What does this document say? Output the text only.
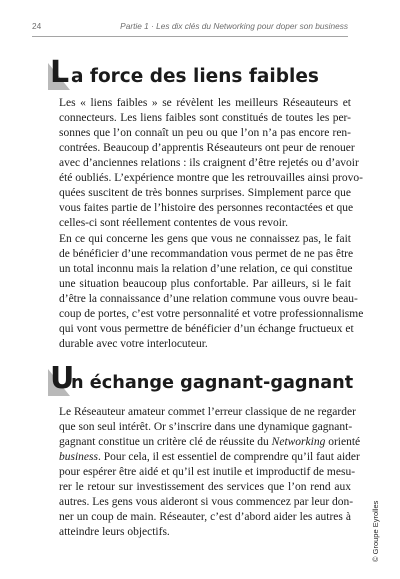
24	Partie 1 · Les dix clés du Networking pour doper son business
L a force des liens faibles
Les « liens faibles » se révèlent les meilleurs Réseauteurs et
connecteurs. Les liens faibles sont constitués de toutes les per-
sonnes que l’on connaît un peu ou que l’on n’a pas encore ren-
contrées. Beaucoup d’apprentis Réseauteurs ont peur de renouer
avec d’anciennes relations : ils craignent d’être rejetés ou d’avoir
été oubliés. L’expérience montre que les retrouvailles ainsi provo-
quées suscitent de très bonnes surprises. Simplement parce que
vous faites partie de l’histoire des personnes recontactées et que
celles-ci sont réellement contentes de vous revoir.
En ce qui concerne les gens que vous ne connaissez pas, le fait
de bénéficier d’une recommandation vous permet de ne pas être
un total inconnu mais la relation d’une relation, ce qui constitue
une situation beaucoup plus confortable. Par ailleurs, si le fait
d’être la connaissance d’une relation commune vous ouvre beau-
coup de portes, c’est votre personnalité et votre professionnalisme
qui vont vous permettre de bénéficier d’un échange fructueux et
durable avec votre interlocuteur.
U
n échange gagnant-gagnant
Le Réseauteur amateur commet l’erreur classique de ne regarder
que son seul intérêt. Or s’inscrire dans une dynamique gagnant-
gagnant constitue un critère clé de réussite du Networking orienté
business. Pour cela, il est essentiel de comprendre qu’il faut aider
pour espérer être aidé et qu’il est inutile et improductif de mesu-
rer le retour sur investissement des services que l’on rend aux
autres. Les gens vous aideront si vous commencez par leur don-
ner un coup de main. Réseauter, c’est d’abord aider les autres à
atteindre leurs objectifs.	© Groupe Eyrolles
